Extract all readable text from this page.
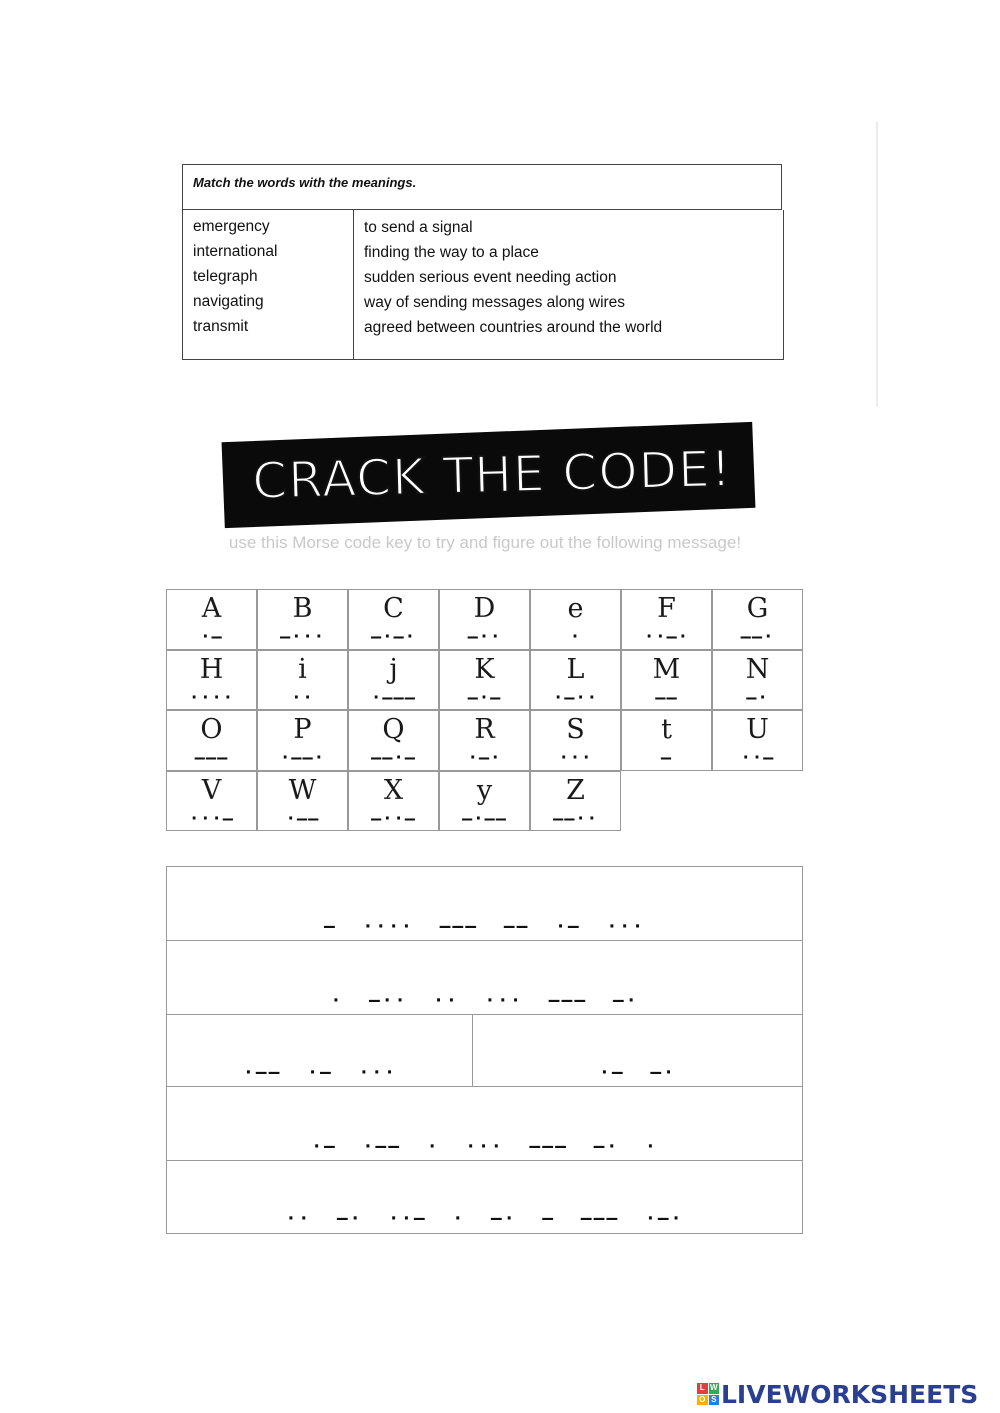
Match the words with the meanings.
emergency
international
telegraph
navigating
transmit
to send a signal
finding the way to a place
sudden serious event needing action
way of sending messages along wires
agreed between countries around the world
CRACK THE CODE!
use this Morse code key to try and figure out the following message!
A
·—
B
—···
C
—·—·
D
—··
e
·
F
··—·
G
——·
H
····
i
··
j
·———
K
—·—
L
·—··
M
——
N
—·
O
———
P
·——·
Q
——·—
R
·—·
S
···
t
—
U
··—
V
···—
W
·——
X
—··—
y
—·——
Z
——··
—  ····  ———  ——  ·—  ···
·  —··  ··  ···  ———  —·
·——  ·—  ···	·—  —·
·—  ·——  ·  ···  ———  —·  ·
··  —·  ··—  ·  —·  —  ———  ·—·
L W
O S LIVEWORKSHEETS
